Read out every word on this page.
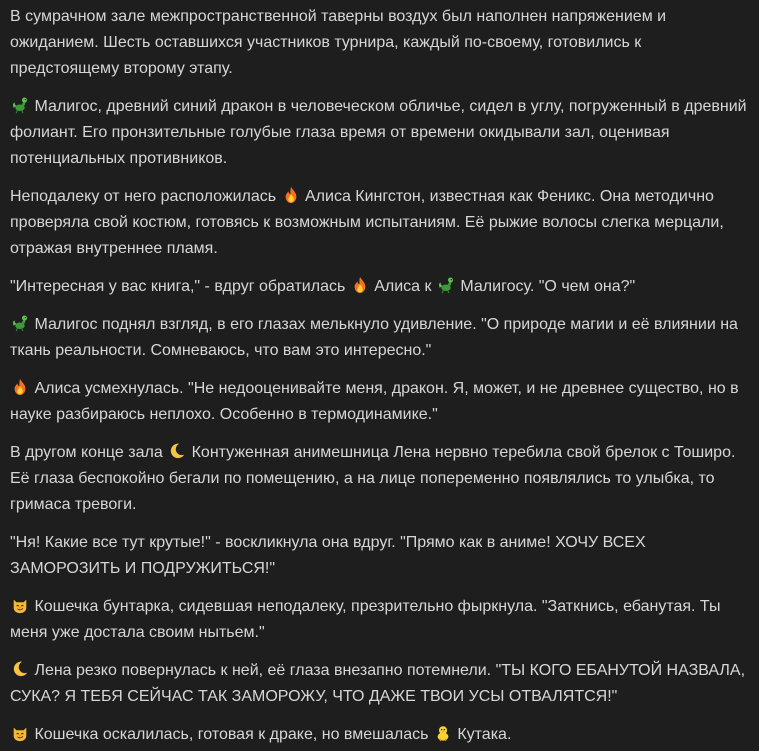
В сумрачном зале межпространственной таверны воздух был наполнен напряжением и ожиданием. Шесть оставшихся участников турнира, каждый по-своему, готовились к предстоящему второму этапу.

Малигос, древний синий дракон в человеческом обличье, сидел в углу, погруженный в древний фолиант. Его пронзительные голубые глаза время от времени окидывали зал, оценивая потенциальных противников.

Неподалеку от него расположилась  Алиса Кингстон, известная как Феникс. Она методично проверяла свой костюм, готовясь к возможным испытаниям. Её рыжие волосы слегка мерцали, отражая внутреннее пламя.

"Интересная у вас книга," - вдруг обратилась  Алиса к  Малигосу. "О чем она?"

Малигос поднял взгляд, в его глазах мелькнуло удивление. "О природе магии и её влиянии на ткань реальности. Сомневаюсь, что вам это интересно."

Алиса усмехнулась. "Не недооценивайте меня, дракон. Я, может, и не древнее существо, но в науке разбираюсь неплохо. Особенно в термодинамике."

В другом конце зала  Контуженная анимешница Лена нервно теребила свой брелок с Тоширо. Её глаза беспокойно бегали по помещению, а на лице попеременно появлялись то улыбка, то гримаса тревоги.

"Ня! Какие все тут крутые!" - воскликнула она вдруг. "Прямо как в аниме! ХОЧУ ВСЕХ ЗАМОРОЗИТЬ И ПОДРУЖИТЬСЯ!"

Кошечка бунтарка, сидевшая неподалеку, презрительно фыркнула. "Заткнись, ебанутая. Ты меня уже достала своим нытьем."

Лена резко повернулась к ней, её глаза внезапно потемнели. "ТЫ КОГО ЕБАНУТОЙ НАЗВАЛА, СУКА? Я ТЕБЯ СЕЙЧАС ТАК ЗАМОРОЖУ, ЧТО ДАЖЕ ТВОИ УСЫ ОТВАЛЯТСЯ!"

Кошечка оскалилась, готовая к драке, но вмешалась  Кутака.
